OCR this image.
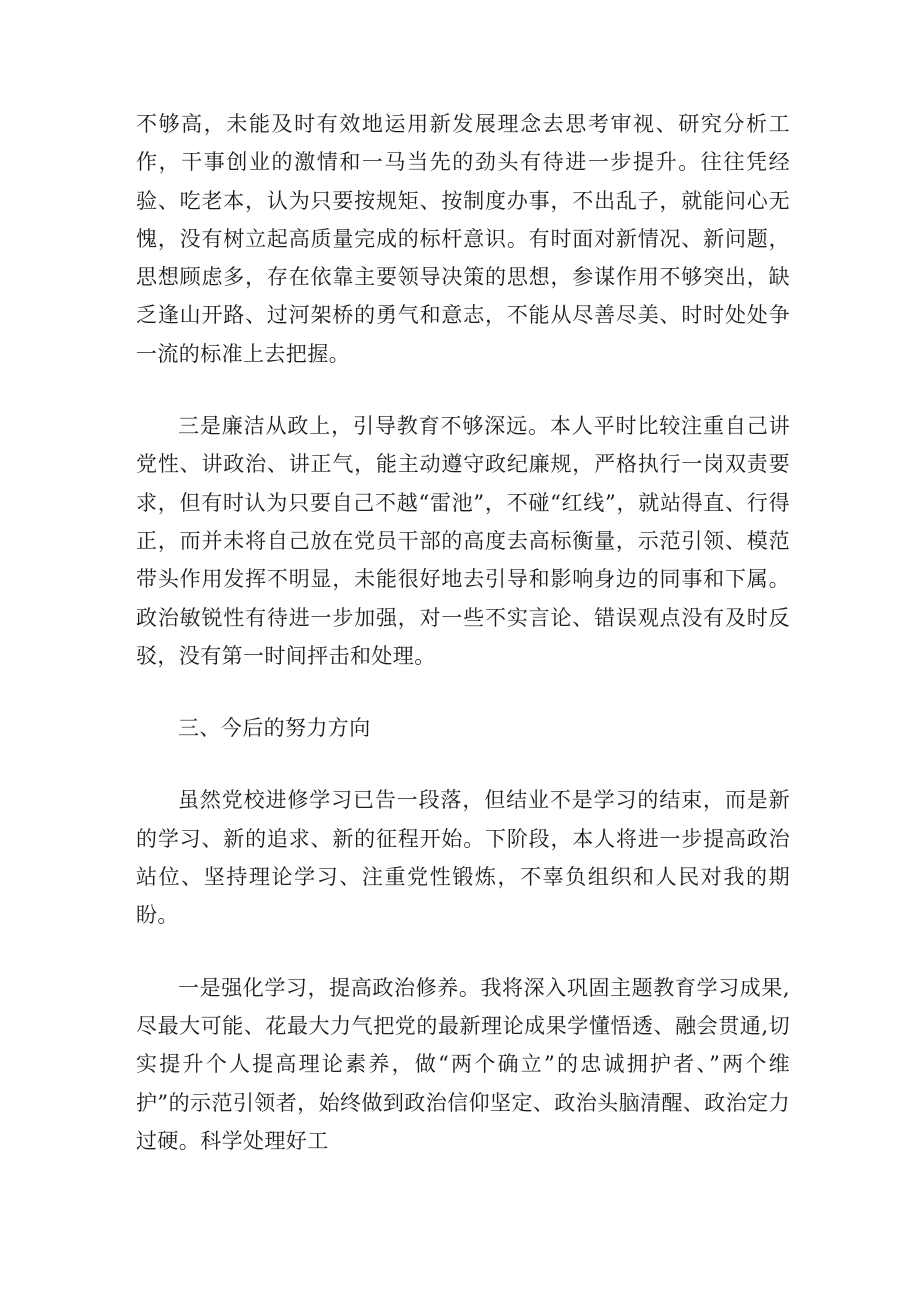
不够高，未能及时有效地运用新发展理念去思考审视、研究分析工作，干事创业的激情和一马当先的劲头有待进一步提升。往往凭经验、吃老本，认为只要按规矩、按制度办事，不出乱子，就能问心无愧，没有树立起高质量完成的标杆意识。有时面对新情况、新问题，思想顾虑多，存在依靠主要领导决策的思想，参谋作用不够突出，缺乏逢山开路、过河架桥的勇气和意志，不能从尽善尽美、时时处处争一流的标准上去把握。

三是廉洁从政上，引导教育不够深远。本人平时比较注重自己讲党性、讲政治、讲正气，能主动遵守政纪廉规，严格执行一岗双责要求，但有时认为只要自己不越“雷池”，不碰“红线”，就站得直、行得正，而并未将自己放在党员干部的高度去高标衡量，示范引领、模范带头作用发挥不明显，未能很好地去引导和影响身边的同事和下属。政治敏锐性有待进一步加强，对一些不实言论、错误观点没有及时反驳，没有第一时间抨击和处理。

三、今后的努力方向

虽然党校进修学习已告一段落，但结业不是学习的结束，而是新的学习、新的追求、新的征程开始。下阶段，本人将进一步提高政治站位、坚持理论学习、注重党性锻炼，不辜负组织和人民对我的期盼。

一是强化学习，提高政治修养。我将深入巩固主题教育学习成果,尽最大可能、花最大力气把党的最新理论成果学懂悟透、融会贯通,切实提升个人提高理论素养，做“两个确立”的忠诚拥护者、”两个维护”的示范引领者，始终做到政治信仰坚定、政治头脑清醒、政治定力过硬。科学处理好工
